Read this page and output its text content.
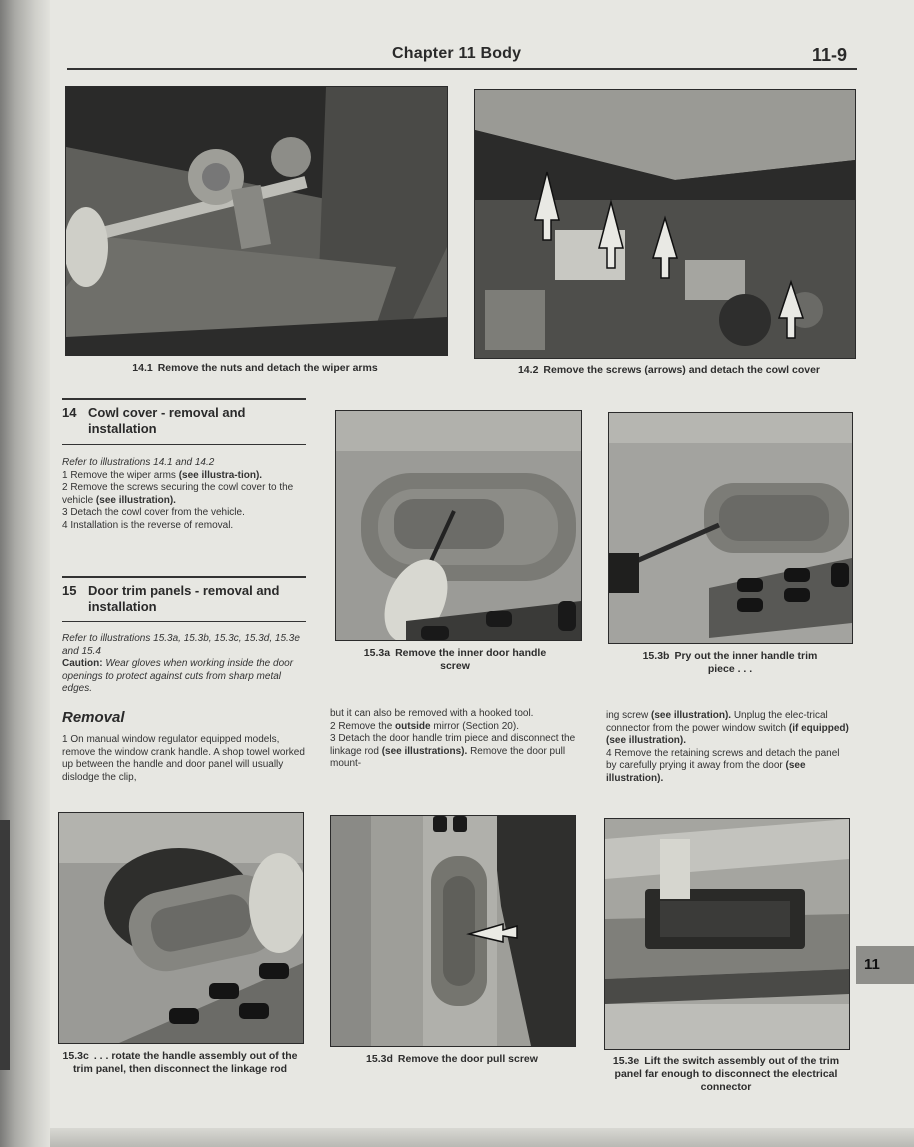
Chapter 11 Body	11-9
14.1 Remove the nuts and detach the wiper arms	14.2 Remove the screws (arrows) and detach the cowl cover
14 Cowl cover - removal and
installation

Refer to illustrations 14.1 and 14.2

1 Remove the wiper arms (see illustra-tion).

2 Remove the screws securing the cowl cover to the vehicle (see illustration).

3 Detach the cowl cover from the vehicle.

4 Installation is the reverse of removal.

15 Door trim panels - removal and
installation

Refer to illustrations 15.3a, 15.3b, 15.3c, 15.3d, 15.3e and 15.4

Caution: Wear gloves when working inside the door openings to protect against cuts from sharp metal edges.

Removal

1 On manual window regulator equipped models, remove the window crank handle. A shop towel worked up between the handle and door panel will usually dislodge the clip,

15.3a Remove the inner door handle screw
15.3b Pry out the inner handle trim piece . . .

but it can also be removed with a hooked tool.

2 Remove the outside mirror (Section 20).

3 Detach the door handle trim piece and disconnect the linkage rod (see illustrations). Remove the door pull mount-

ing screw (see illustration). Unplug the elec-trical connector from the power window switch (if equipped) (see illustration).

4 Remove the retaining screws and detach the panel by carefully prying it away from the door (see illustration).

15.3c . . . rotate the handle assembly out of the trim panel, then disconnect the linkage rod
15.3d Remove the door pull screw	15.3e Lift the switch assembly out of the trim panel far enough to disconnect the electrical connector
11
